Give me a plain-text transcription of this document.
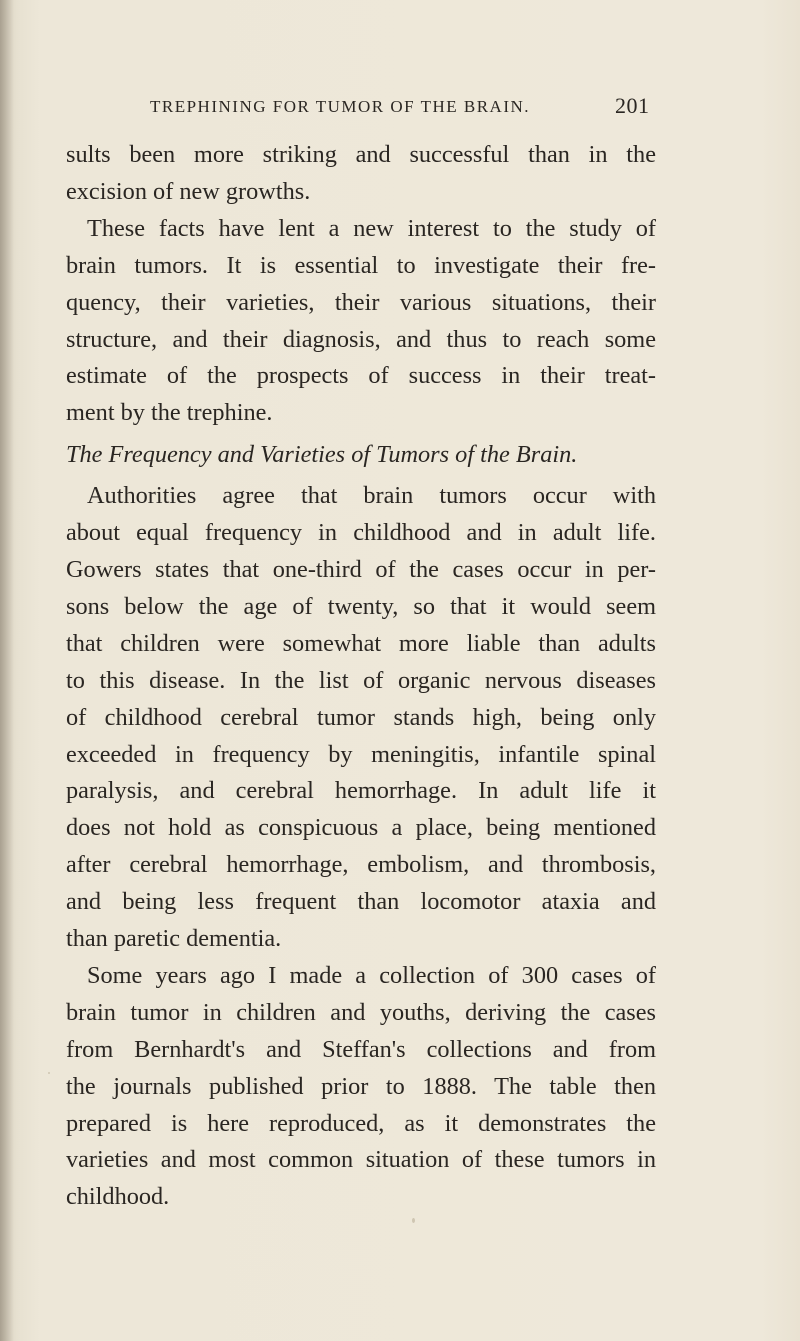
TREPHINING FOR TUMOR OF THE BRAIN.	201

sults been more striking and successful than in the
excision of new growths.

These facts have lent a new interest to the study of
brain tumors. It is essential to investigate their fre-
quency, their varieties, their various situations, their
structure, and their diagnosis, and thus to reach some
estimate of the prospects of success in their treat-
ment by the trephine.

The Frequency and Varieties of Tumors of the Brain.

Authorities agree that brain tumors occur with
about equal frequency in childhood and in adult life.
Gowers states that one-third of the cases occur in per-
sons below the age of twenty, so that it would seem
that children were somewhat more liable than adults
to this disease. In the list of organic nervous diseases
of childhood cerebral tumor stands high, being only
exceeded in frequency by meningitis, infantile spinal
paralysis, and cerebral hemorrhage. In adult life it
does not hold as conspicuous a place, being mentioned
after cerebral hemorrhage, embolism, and thrombosis,
and being less frequent than locomotor ataxia and
than paretic dementia.

Some years ago I made a collection of 300 cases of
brain tumor in children and youths, deriving the cases
from Bernhardt's and Steffan's collections and from
the journals published prior to 1888. The table then
prepared is here reproduced, as it demonstrates the
varieties and most common situation of these tumors in
childhood.
